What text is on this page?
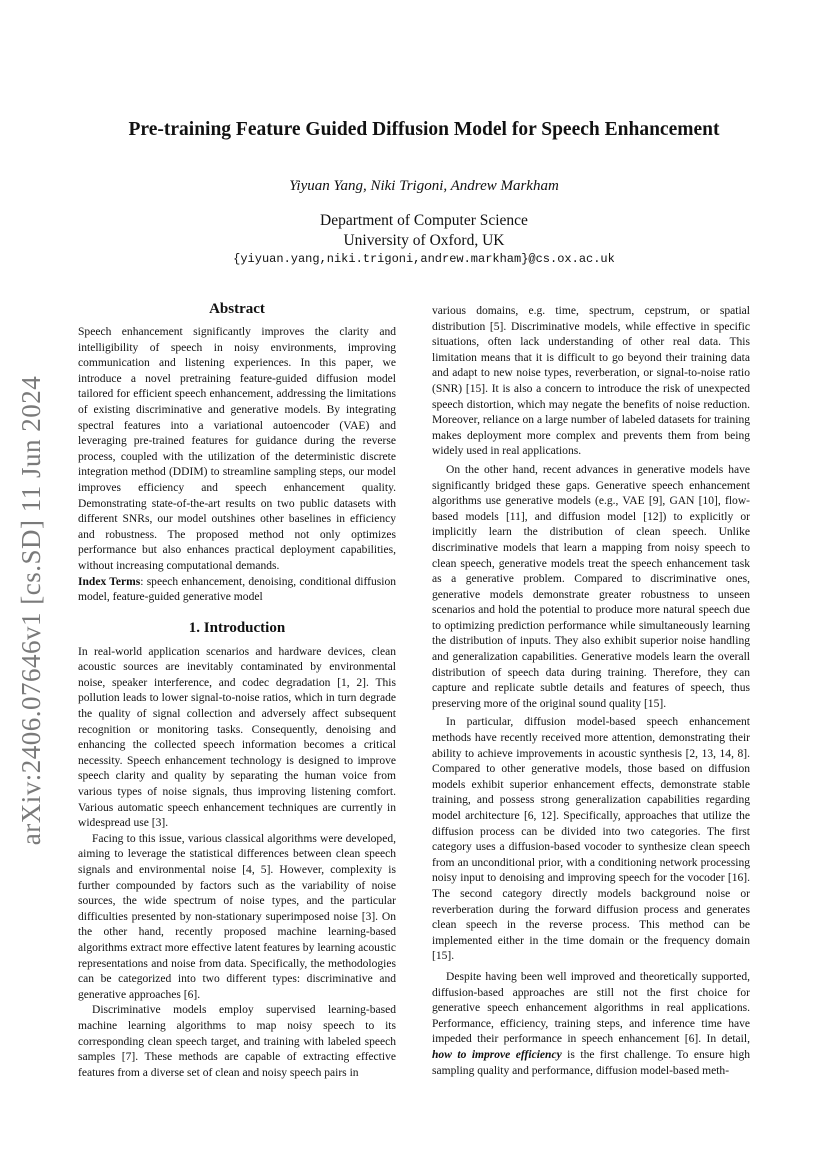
arXiv:2406.07646v1 [cs.SD] 11 Jun 2024
Pre-training Feature Guided Diffusion Model for Speech Enhancement
Yiyuan Yang, Niki Trigoni, Andrew Markham
Department of Computer Science
University of Oxford, UK
{yiyuan.yang,niki.trigoni,andrew.markham}@cs.ox.ac.uk
Abstract

Speech enhancement significantly improves the clarity and intelligibility of speech in noisy environments, improving communication and listening experiences. In this paper, we introduce a novel pretraining feature-guided diffusion model tailored for efficient speech enhancement, addressing the limitations of existing discriminative and generative models. By integrating spectral features into a variational autoencoder (VAE) and leveraging pre-trained features for guidance during the reverse process, coupled with the utilization of the deterministic discrete integration method (DDIM) to streamline sampling steps, our model improves efficiency and speech enhancement quality. Demonstrating state-of-the-art results on two public datasets with different SNRs, our model outshines other baselines in efficiency and robustness. The proposed method not only optimizes performance but also enhances practical deployment capabilities, without increasing computational demands.

Index Terms: speech enhancement, denoising, conditional diffusion model, feature-guided generative model

1. Introduction

In real-world application scenarios and hardware devices, clean acoustic sources are inevitably contaminated by environmental noise, speaker interference, and codec degradation [1, 2]. This pollution leads to lower signal-to-noise ratios, which in turn degrade the quality of signal collection and adversely affect subsequent recognition or monitoring tasks. Consequently, denoising and enhancing the collected speech information becomes a critical necessity. Speech enhancement technology is designed to improve speech clarity and quality by separating the human voice from various types of noise signals, thus improving listening comfort. Various automatic speech enhancement techniques are currently in widespread use [3].

Facing to this issue, various classical algorithms were developed, aiming to leverage the statistical differences between clean speech signals and environmental noise [4, 5]. However, complexity is further compounded by factors such as the variability of noise sources, the wide spectrum of noise types, and the particular difficulties presented by non-stationary superimposed noise [3]. On the other hand, recently proposed machine learning-based algorithms extract more effective latent features by learning acoustic representations and noise from data. Specifically, the methodologies can be categorized into two different types: discriminative and generative approaches [6].

Discriminative models employ supervised learning-based machine learning algorithms to map noisy speech to its corresponding clean speech target, and training with labeled speech samples [7]. These methods are capable of extracting effective features from a diverse set of clean and noisy speech pairs in

various domains, e.g. time, spectrum, cepstrum, or spatial distribution [5]. Discriminative models, while effective in specific situations, often lack understanding of other real data. This limitation means that it is difficult to go beyond their training data and adapt to new noise types, reverberation, or signal-to-noise ratio (SNR) [15]. It is also a concern to introduce the risk of unexpected speech distortion, which may negate the benefits of noise reduction. Moreover, reliance on a large number of labeled datasets for training makes deployment more complex and prevents them from being widely used in real applications.

On the other hand, recent advances in generative models have significantly bridged these gaps. Generative speech enhancement algorithms use generative models (e.g., VAE [9], GAN [10], flow-based models [11], and diffusion model [12]) to explicitly or implicitly learn the distribution of clean speech. Unlike discriminative models that learn a mapping from noisy speech to clean speech, generative models treat the speech enhancement task as a generative problem. Compared to discriminative ones, generative models demonstrate greater robustness to unseen scenarios and hold the potential to produce more natural speech due to optimizing prediction performance while simultaneously learning the distribution of inputs. They also exhibit superior noise handling and generalization capabilities. Generative models learn the overall distribution of speech data during training. Therefore, they can capture and replicate subtle details and features of speech, thus preserving more of the original sound quality [15].

In particular, diffusion model-based speech enhancement methods have recently received more attention, demonstrating their ability to achieve improvements in acoustic synthesis [2, 13, 14, 8]. Compared to other generative models, those based on diffusion models exhibit superior enhancement effects, demonstrate stable training, and possess strong generalization capabilities regarding model architecture [6, 12]. Specifically, approaches that utilize the diffusion process can be divided into two categories. The first category uses a diffusion-based vocoder to synthesize clean speech from an unconditional prior, with a conditioning network processing noisy input to denoising and improving speech for the vocoder [16]. The second category directly models background noise or reverberation during the forward diffusion process and generates clean speech in the reverse process. This method can be implemented either in the time domain or the frequency domain [15].

Despite having been well improved and theoretically supported, diffusion-based approaches are still not the first choice for generative speech enhancement algorithms in real applications. Performance, efficiency, training steps, and inference time have impeded their performance in speech enhancement [6]. In detail, how to improve efficiency is the first challenge. To ensure high sampling quality and performance, diffusion model-based meth-
